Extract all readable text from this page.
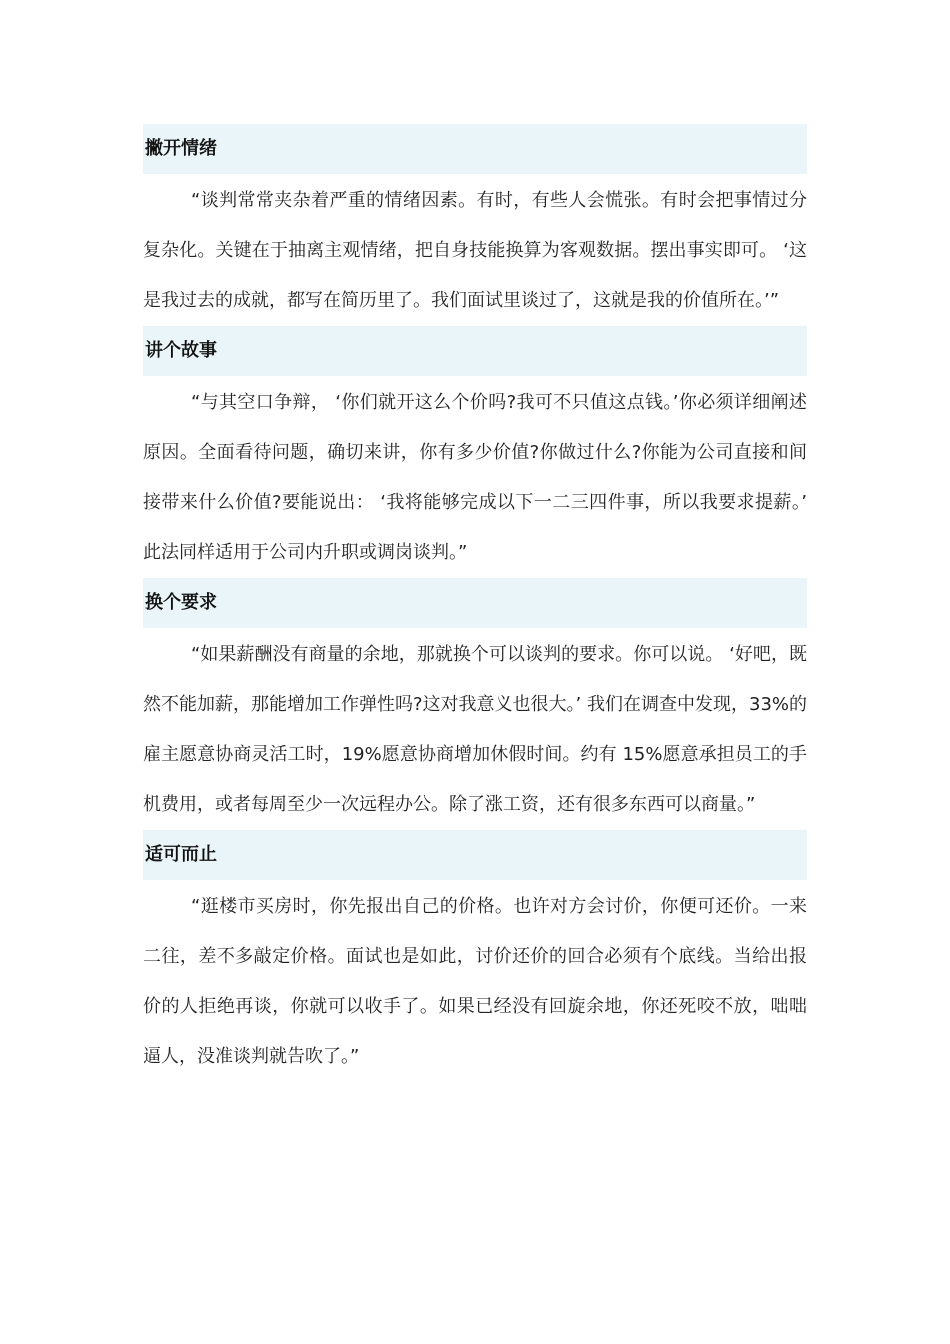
撇开情绪

“谈判常常夹杂着严重的情绪因素。有时，有些人会慌张。有时会把事情过分复杂化。关键在于抽离主观情绪，把自身技能换算为客观数据。摆出事实即可。 ‘这是我过去的成就，都写在简历里了。我们面试里谈过了，这就是我的价值所在。’”

讲个故事

“与其空口争辩， ‘你们就开这么个价吗?我可不只值这点钱。’你必须详细阐述原因。全面看待问题，确切来讲，你有多少价值?你做过什么?你能为公司直接和间接带来什么价值?要能说出： ‘我将能够完成以下一二三四件事，所以我要求提薪。’ 此法同样适用于公司内升职或调岗谈判。”

换个要求

“如果薪酬没有商量的余地，那就换个可以谈判的要求。你可以说。 ‘好吧，既然不能加薪，那能增加工作弹性吗?这对我意义也很大。’ 我们在调查中发现，33%的雇主愿意协商灵活工时，19%愿意协商增加休假时间。约有 15%愿意承担员工的手机费用，或者每周至少一次远程办公。除了涨工资，还有很多东西可以商量。”

适可而止

“逛楼市买房时，你先报出自己的价格。也许对方会讨价，你便可还价。一来二往，差不多敲定价格。面试也是如此，讨价还价的回合必须有个底线。当给出报价的人拒绝再谈，你就可以收手了。如果已经没有回旋余地，你还死咬不放，咄咄逼人，没准谈判就告吹了。”
